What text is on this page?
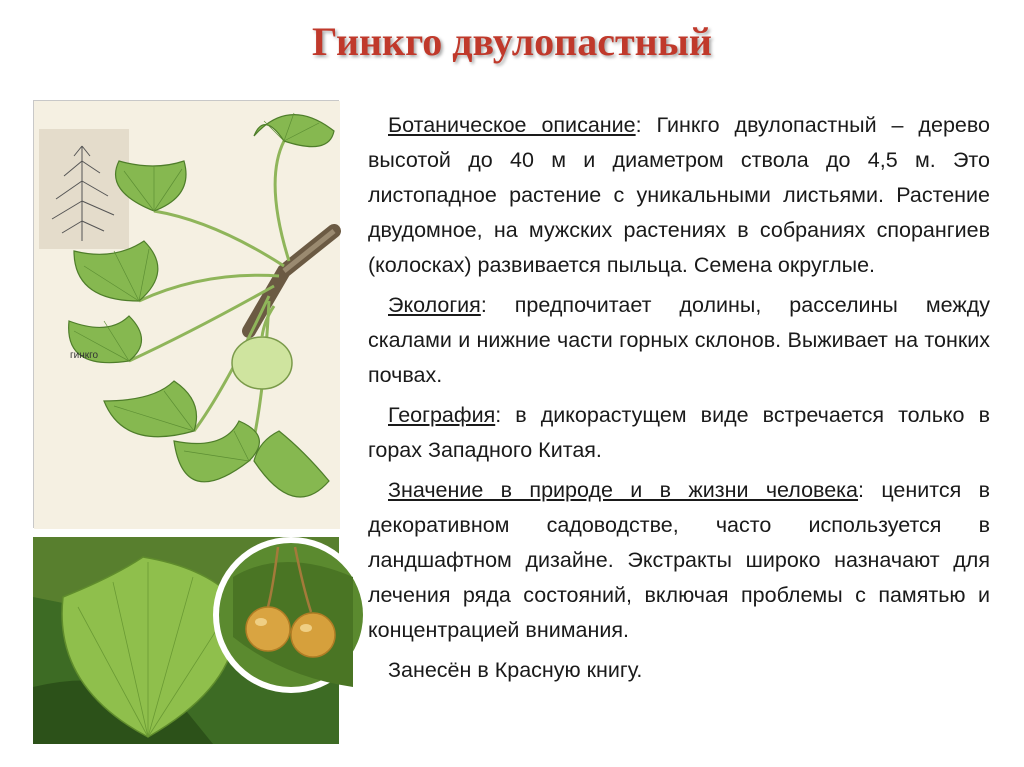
Гинкго двулопастный
гинкго

Ботаническое описание: Гинкго двулопастный – дерево высотой до 40 м и диаметром ствола до 4,5 м. Это листопадное растение с уникальными листьями. Растение двудомное, на мужских растениях в собраниях спорангиев (колосках) развивается пыльца. Семена округлые.

Экология: предпочитает долины, расселины между скалами и нижние части горных склонов. Выживает на тонких почвах.

География: в дикорастущем виде встречается только в горах Западного Китая.

Значение в природе и в жизни человека: ценится в декоративном садоводстве, часто используется в ландшафтном дизайне. Экстракты широко назначают для лечения ряда состояний, включая проблемы с памятью и концентрацией внимания.

Занесён в Красную книгу.
